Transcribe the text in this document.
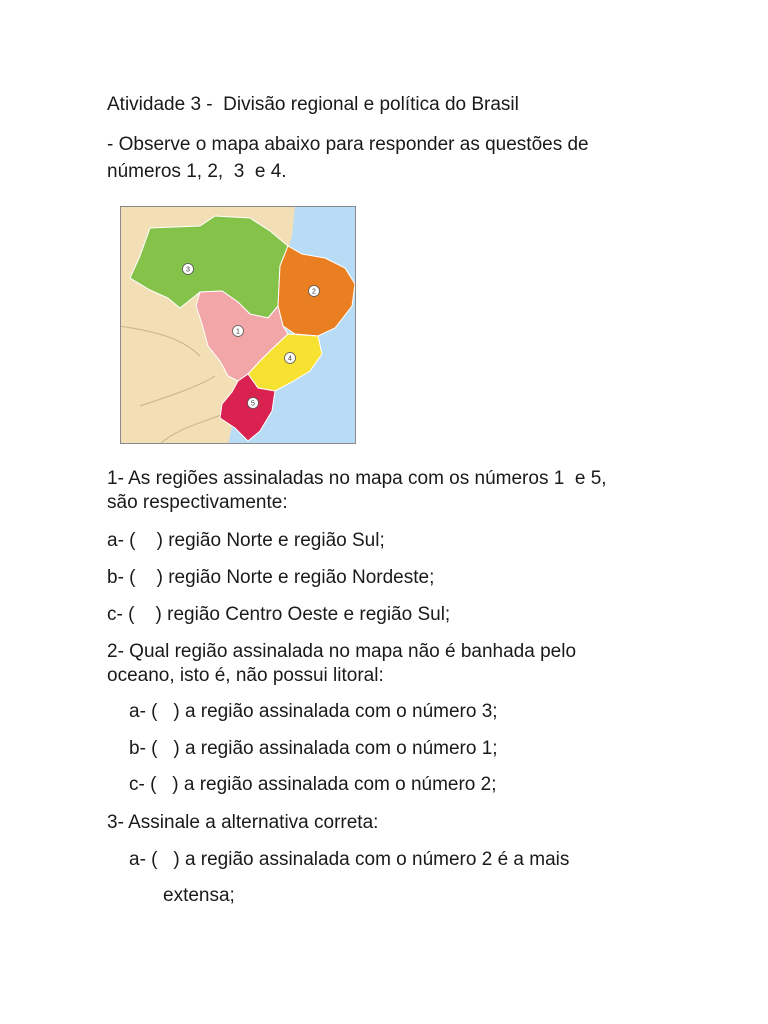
Atividade 3 -  Divisão regional e política do Brasil
- Observe o mapa abaixo para responder as questões de
números 1, 2,  3  e 4.
3
2
1
4
5
1- As regiões assinaladas no mapa com os números 1  e 5,
são respectivamente:
a- (    ) região Norte e região Sul;
b- (    ) região Norte e região Nordeste;
c- (    ) região Centro Oeste e região Sul;
2- Qual região assinalada no mapa não é banhada pelo
oceano, isto é, não possui litoral:
a- (   ) a região assinalada com o número 3;
b- (   ) a região assinalada com o número 1;
c- (   ) a região assinalada com o número 2;
3- Assinale a alternativa correta:
a- (   ) a região assinalada com o número 2 é a mais
extensa;
